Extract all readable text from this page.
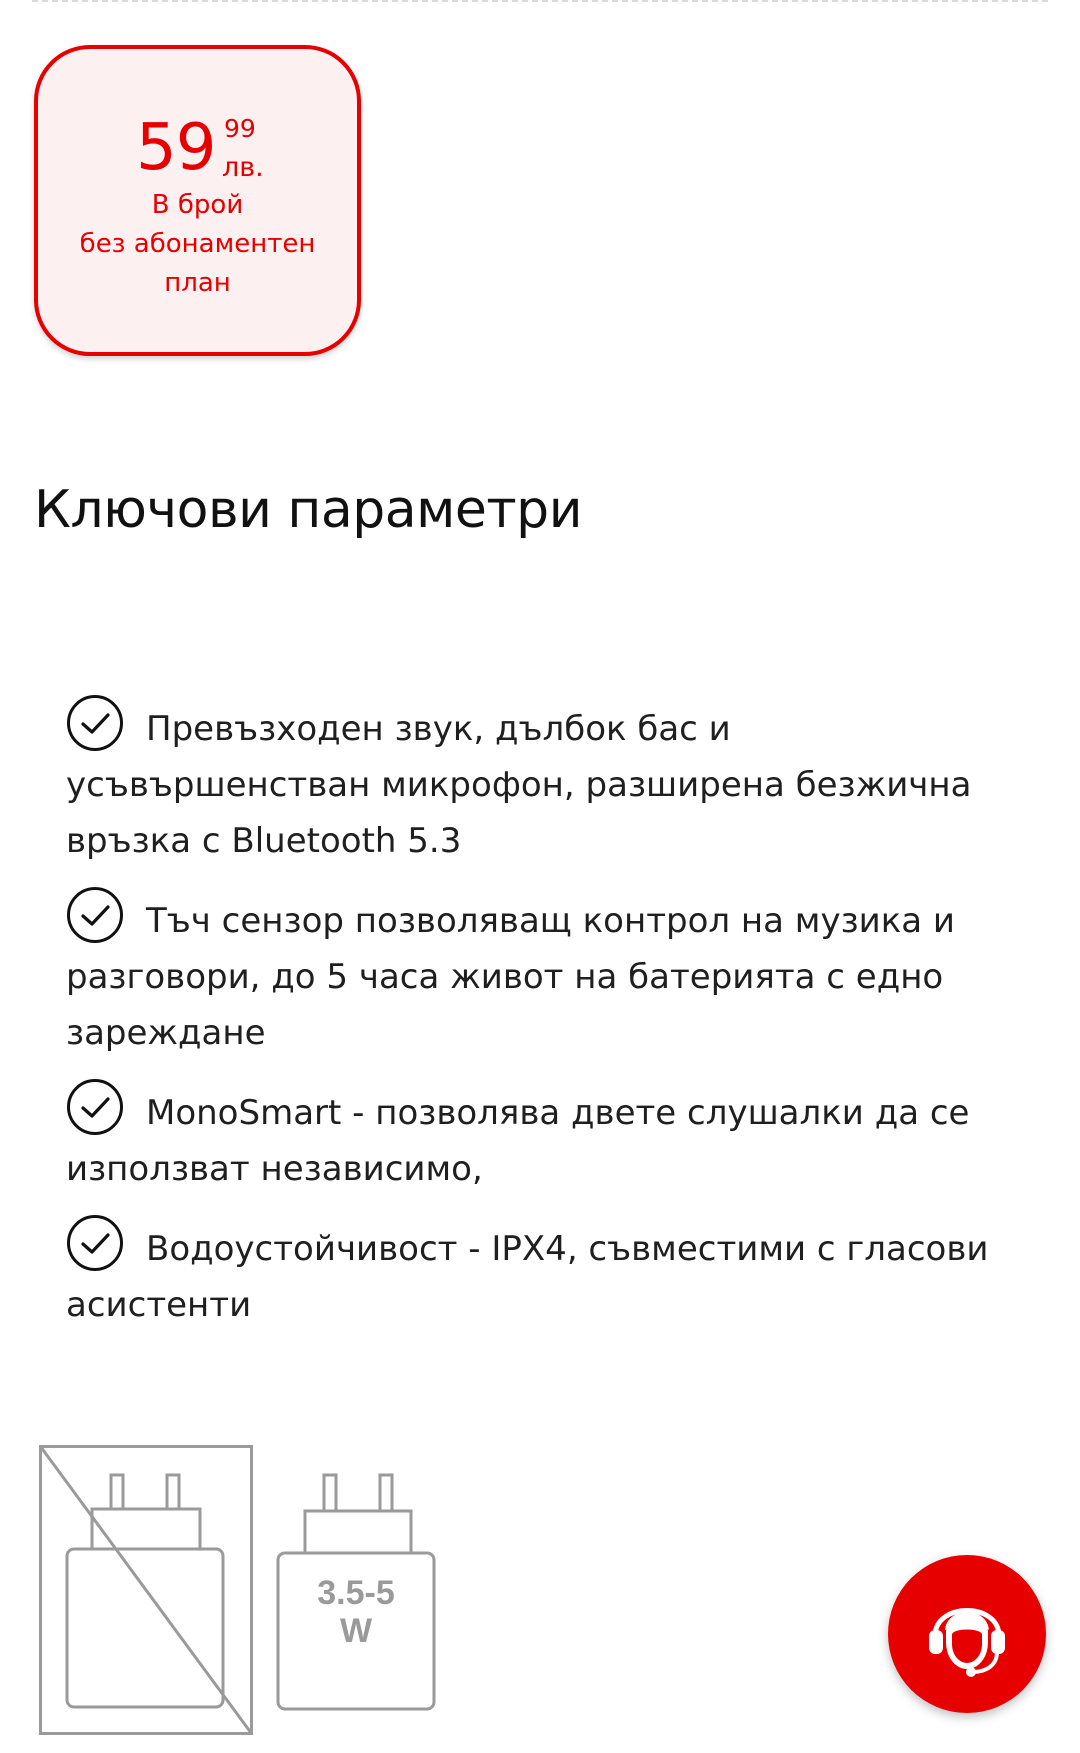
59 99
лв.
В брой
без абонаментен
план
Ключови параметри
Превъзходен звук, дълбок бас и усъвършенстван микрофон, разширена безжична връзка с Bluetooth 5.3
Тъч сензор позволяващ контрол на музика и разговори, до 5 часа живот на батерията с едно зареждане
MonoSmart - позволява двете слушалки да се използват независимо,
Водоустойчивост - IPX4, съвместими с гласови асистенти
3.5-5
W
